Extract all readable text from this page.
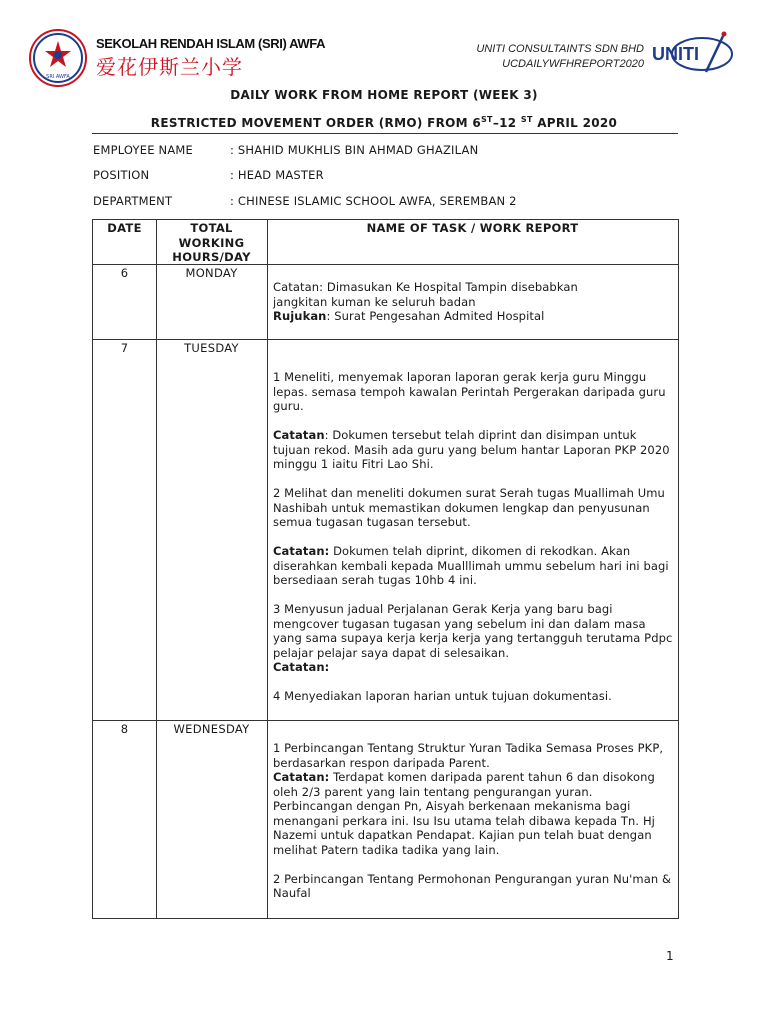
SRI AWFA
SEKOLAH RENDAH ISLAM (SRI) AWFA
爱花伊斯兰小学
UNITI CONSULTAINTS SDN BHD
UCDAILYWFHREPORT2020 UNITI
DAILY WORK FROM HOME REPORT (WEEK 3)
RESTRICTED MOVEMENT ORDER (RMO) FROM 6ST–12 $^{ST}$ APRIL 2020
EMPLOYEE NAME	: SHAHID MUKHLIS BIN AHMAD GHAZILAN
POSITION	: HEAD MASTER
DEPARTMENT	: CHINESE ISLAMIC SCHOOL AWFA, SEREMBAN 2
DATE	TOTAL
WORKING
HOURS/DAY
NAME OF TASK / WORK REPORT
6	MONDAY
Catatan: Dimasukan Ke Hospital Tampin disebabkan
jangkitan kuman ke seluruh badan
Rujukan: Surat Pengesahan Admited Hospital
7	TUESDAY

1 Meneliti, menyemak laporan laporan gerak kerja guru Minggu lepas. semasa tempoh kawalan Perintah Pergerakan daripada guru guru.

Catatan: Dokumen tersebut telah diprint dan disimpan untuk tujuan rekod. Masih ada guru yang belum hantar Laporan PKP 2020 minggu 1 iaitu Fitri Lao Shi.

2 Melihat dan meneliti dokumen surat Serah tugas Muallimah Umu Nashibah untuk memastikan dokumen lengkap dan penyusunan semua tugasan tugasan tersebut.

Catatan: Dokumen telah diprint, dikomen di rekodkan. Akan diserahkan kembali kepada Mualllimah ummu sebelum hari ini bagi bersediaan serah tugas 10hb 4 ini.

3 Menyusun jadual Perjalanan Gerak Kerja yang baru bagi mengcover tugasan tugasan yang sebelum ini dan dalam masa yang sama supaya kerja kerja kerja yang tertangguh terutama Pdpc pelajar pelajar saya dapat di selesaikan.

Catatan:

4 Menyediakan laporan harian untuk tujuan dokumentasi.

8	WEDNESDAY

1 Perbincangan Tentang Struktur Yuran Tadika Semasa Proses PKP, berdasarkan respon daripada Parent.

Catatan: Terdapat komen daripada parent tahun 6 dan disokong oleh 2/3 parent yang lain tentang pengurangan yuran. Perbincangan dengan Pn, Aisyah berkenaan mekanisma bagi menangani perkara ini. Isu Isu utama telah dibawa kepada Tn. Hj Nazemi untuk dapatkan Pendapat. Kajian pun telah buat dengan melihat Patern tadika tadika yang lain.

2 Perbincangan Tentang Permohonan Pengurangan yuran Nu'man & Naufal

1
